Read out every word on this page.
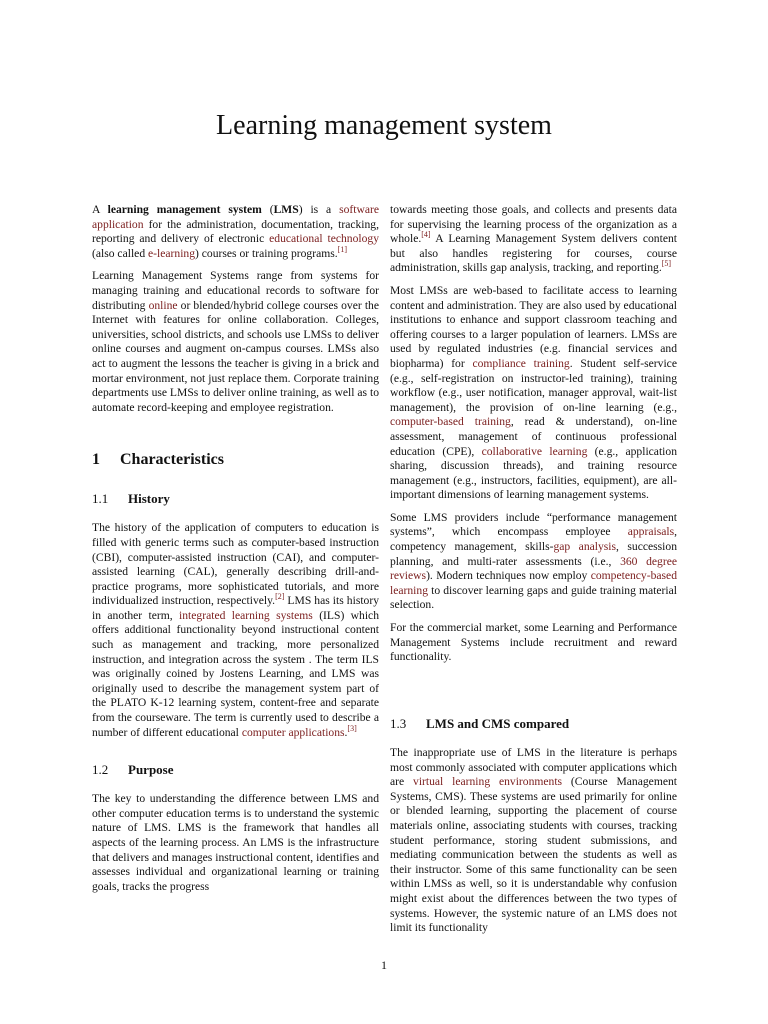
Learning management system

A learning management system (LMS) is a software application for the administration, documentation, tracking, reporting and delivery of electronic educational technology (also called e-learning) courses or training programs.[1]

Learning Management Systems range from systems for managing training and educational records to software for distributing online or blended/hybrid college courses over the Internet with features for online collaboration. Colleges, universities, school districts, and schools use LMSs to deliver online courses and augment on-campus courses. LMSs also act to augment the lessons the teacher is giving in a brick and mortar environment, not just replace them. Corporate training departments use LMSs to deliver online training, as well as to automate record-keeping and employee registration.

1 Characteristics
1.1 History

The history of the application of computers to education is filled with generic terms such as computer-based instruction (CBI), computer-assisted instruction (CAI), and computer-assisted learning (CAL), generally describing drill-and-practice programs, more sophisticated tutorials, and more individualized instruction, respectively.[2] LMS has its history in another term, integrated learning systems (ILS) which offers additional functionality beyond instructional content such as management and tracking, more personalized instruction, and integration across the system . The term ILS was originally coined by Jostens Learning, and LMS was originally used to describe the management system part of the PLATO K-12 learning system, content-free and separate from the courseware. The term is currently used to describe a number of different educational computer applications.[3]

1.2 Purpose

The key to understanding the difference between LMS and other computer education terms is to understand the systemic nature of LMS. LMS is the framework that handles all aspects of the learning process. An LMS is the infrastructure that delivers and manages instructional content, identifies and assesses individual and organizational learning or training goals, tracks the progress

towards meeting those goals, and collects and presents data for supervising the learning process of the organization as a whole.[4] A Learning Management System delivers content but also handles registering for courses, course administration, skills gap analysis, tracking, and reporting.[5]

Most LMSs are web-based to facilitate access to learning content and administration. They are also used by educational institutions to enhance and support classroom teaching and offering courses to a larger population of learners. LMSs are used by regulated industries (e.g. financial services and biopharma) for compliance training. Student self-service (e.g., self-registration on instructor-led training), training workflow (e.g., user notification, manager approval, wait-list management), the provision of on-line learning (e.g., computer-based training, read & understand), on-line assessment, management of continuous professional education (CPE), collaborative learning (e.g., application sharing, discussion threads), and training resource management (e.g., instructors, facilities, equipment), are all-important dimensions of learning management systems.

Some LMS providers include “performance management systems”, which encompass employee appraisals, competency management, skills-gap analysis, succession planning, and multi-rater assessments (i.e., 360 degree reviews). Modern techniques now employ competency-based learning to discover learning gaps and guide training material selection.

For the commercial market, some Learning and Performance Management Systems include recruitment and reward functionality.

1.3 LMS and CMS compared

The inappropriate use of LMS in the literature is perhaps most commonly associated with computer applications which are virtual learning environments (Course Management Systems, CMS). These systems are used primarily for online or blended learning, supporting the placement of course materials online, associating students with courses, tracking student performance, storing student submissions, and mediating communication between the students as well as their instructor. Some of this same functionality can be seen within LMSs as well, so it is understandable why confusion might exist about the differences between the two types of systems. However, the systemic nature of an LMS does not limit its functionality

1
